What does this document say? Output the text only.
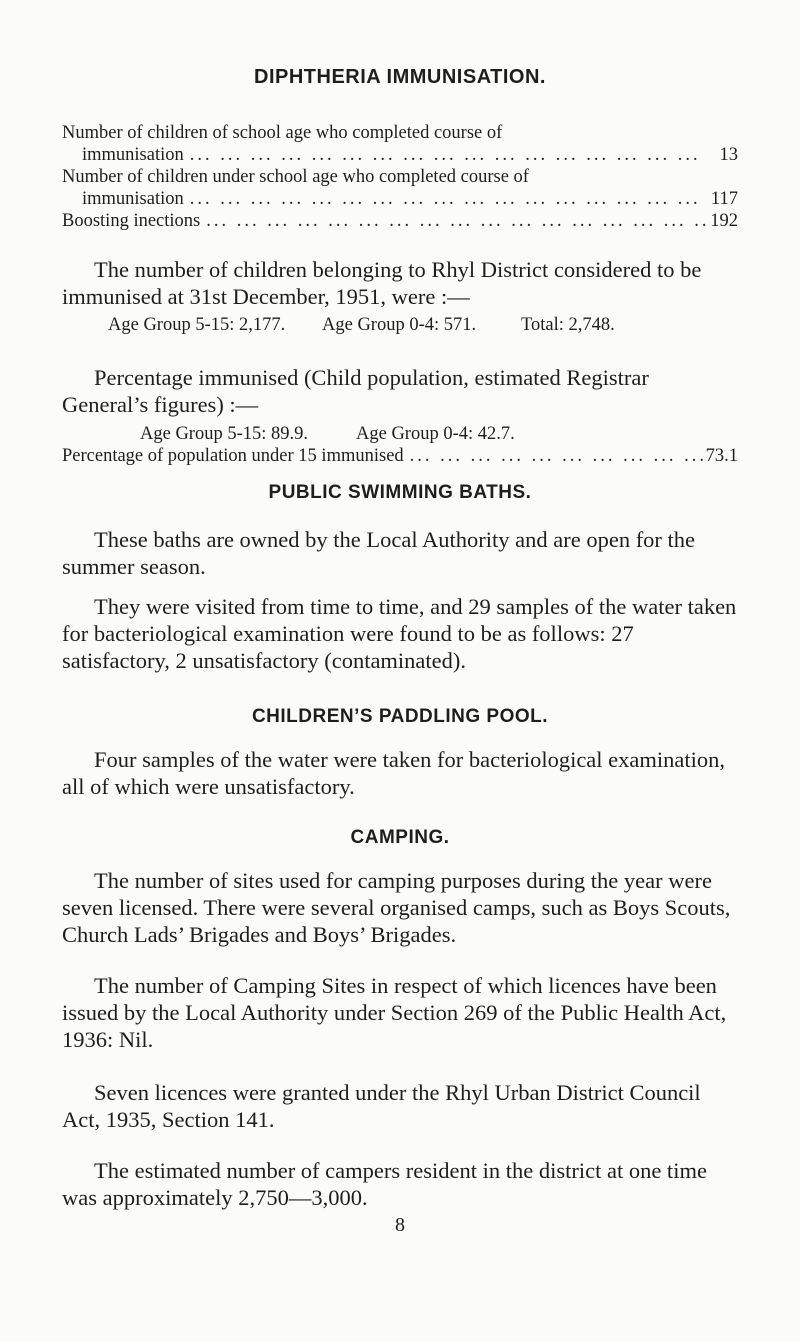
DIPHTHERIA IMMUNISATION.
Number of children of school age who completed course of
immunisation ... .	13
Number of children under school age who completed course of
immunisation ... .	117
Boosting inections ... .	192

The number of children belonging to Rhyl District considered to be immunised at 31st December, 1951, were :—

Age Group 5-15: 2,177. Age Group 0-4: 571. Total: 2,748.

Percentage immunised (Child population, estimated Registrar General’s figures) :—

Age Group 5-15: 89.9.	Age Group 0-4: 42.7.
Percentage of population under 15 immunised ... .	73.1
PUBLIC SWIMMING BATHS.

These baths are owned by the Local Authority and are open for the summer season.

They were visited from time to time, and 29 samples of the water taken for bacteriological examination were found to be as follows: 27 satisfactory, 2 unsatisfactory (contaminated).

CHILDREN’S PADDLING POOL.

Four samples of the water were taken for bacteriological examination, all of which were unsatisfactory.

CAMPING.

The number of sites used for camping purposes during the year were seven licensed. There were several organised camps, such as Boys Scouts, Church Lads’ Brigades and Boys’ Brigades.

The number of Camping Sites in respect of which licences have been issued by the Local Authority under Section 269 of the Public Health Act, 1936: Nil.

Seven licences were granted under the Rhyl Urban District Council Act, 1935, Section 141.

The estimated number of campers resident in the district at one time was approximately 2,750—3,000.

8
